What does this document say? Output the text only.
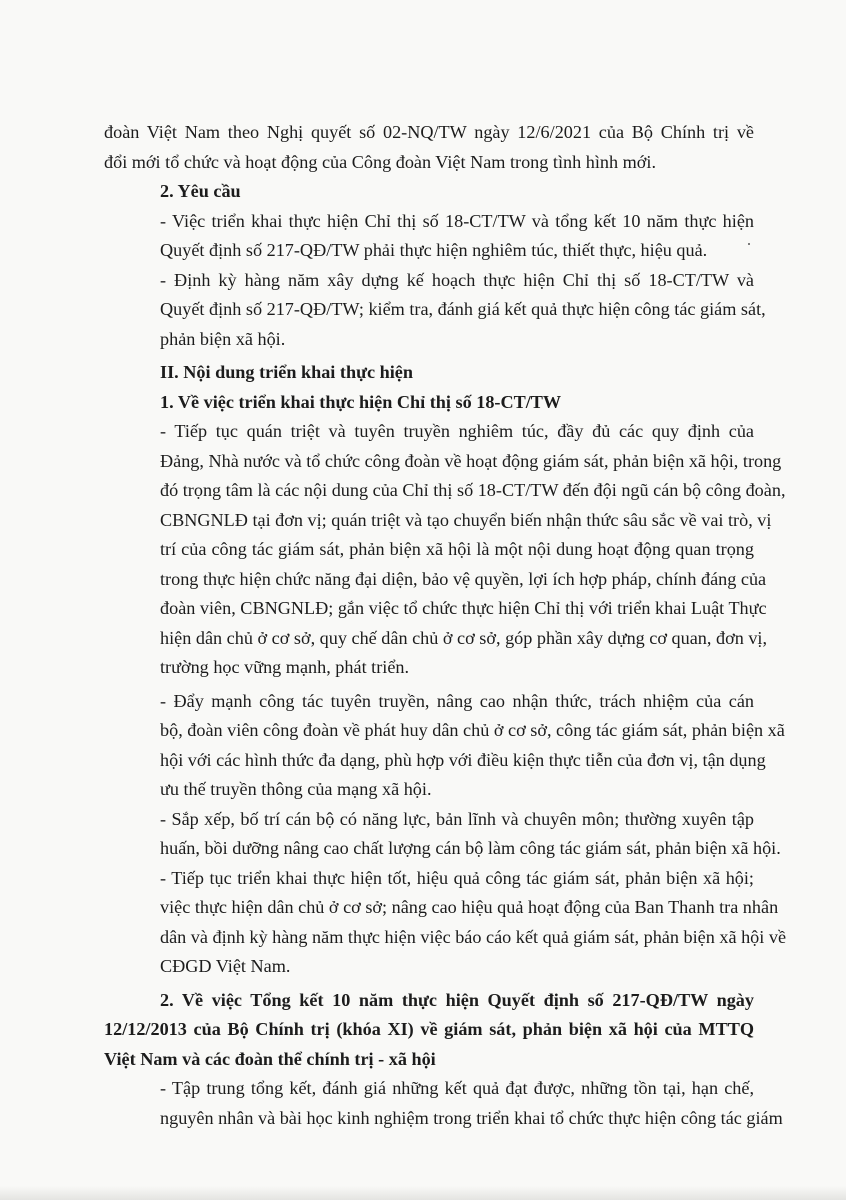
đoàn Việt Nam theo Nghị quyết số 02-NQ/TW ngày 12/6/2021 của Bộ Chính trị về
đổi mới tổ chức và hoạt động của Công đoàn Việt Nam trong tình hình mới.

2. Yêu cầu

- Việc triển khai thực hiện Chỉ thị số 18-CT/TW và tổng kết 10 năm thực hiện
Quyết định số 217-QĐ/TW phải thực hiện nghiêm túc, thiết thực, hiệu quả.

- Định kỳ hàng năm xây dựng kế hoạch thực hiện Chỉ thị số 18-CT/TW và
Quyết định số 217-QĐ/TW; kiểm tra, đánh giá kết quả thực hiện công tác giám sát,
phản biện xã hội.

II. Nội dung triển khai thực hiện

1. Về việc triển khai thực hiện Chỉ thị số 18-CT/TW

- Tiếp tục quán triệt và tuyên truyền nghiêm túc, đầy đủ các quy định của
Đảng, Nhà nước và tổ chức công đoàn về hoạt động giám sát, phản biện xã hội, trong
đó trọng tâm là các nội dung của Chỉ thị số 18-CT/TW đến đội ngũ cán bộ công đoàn,
CBNGNLĐ tại đơn vị; quán triệt và tạo chuyển biến nhận thức sâu sắc về vai trò, vị
trí của công tác giám sát, phản biện xã hội là một nội dung hoạt động quan trọng
trong thực hiện chức năng đại diện, bảo vệ quyền, lợi ích hợp pháp, chính đáng của
đoàn viên, CBNGNLĐ; gắn việc tổ chức thực hiện Chỉ thị với triển khai Luật Thực
hiện dân chủ ở cơ sở, quy chế dân chủ ở cơ sở, góp phần xây dựng cơ quan, đơn vị,
trường học vững mạnh, phát triển.

- Đẩy mạnh công tác tuyên truyền, nâng cao nhận thức, trách nhiệm của cán
bộ, đoàn viên công đoàn về phát huy dân chủ ở cơ sở, công tác giám sát, phản biện xã
hội với các hình thức đa dạng, phù hợp với điều kiện thực tiễn của đơn vị, tận dụng
ưu thế truyền thông của mạng xã hội.

- Sắp xếp, bố trí cán bộ có năng lực, bản lĩnh và chuyên môn; thường xuyên tập
huấn, bồi dưỡng nâng cao chất lượng cán bộ làm công tác giám sát, phản biện xã hội.

- Tiếp tục triển khai thực hiện tốt, hiệu quả công tác giám sát, phản biện xã hội;
việc thực hiện dân chủ ở cơ sở; nâng cao hiệu quả hoạt động của Ban Thanh tra nhân
dân và định kỳ hàng năm thực hiện việc báo cáo kết quả giám sát, phản biện xã hội về
CĐGD Việt Nam.

2. Về việc Tổng kết 10 năm thực hiện Quyết định số 217-QĐ/TW ngày
12/12/2013 của Bộ Chính trị (khóa XI) về giám sát, phản biện xã hội của MTTQ
Việt Nam và các đoàn thể chính trị - xã hội

- Tập trung tổng kết, đánh giá những kết quả đạt được, những tồn tại, hạn chế,
nguyên nhân và bài học kinh nghiệm trong triển khai tổ chức thực hiện công tác giám
